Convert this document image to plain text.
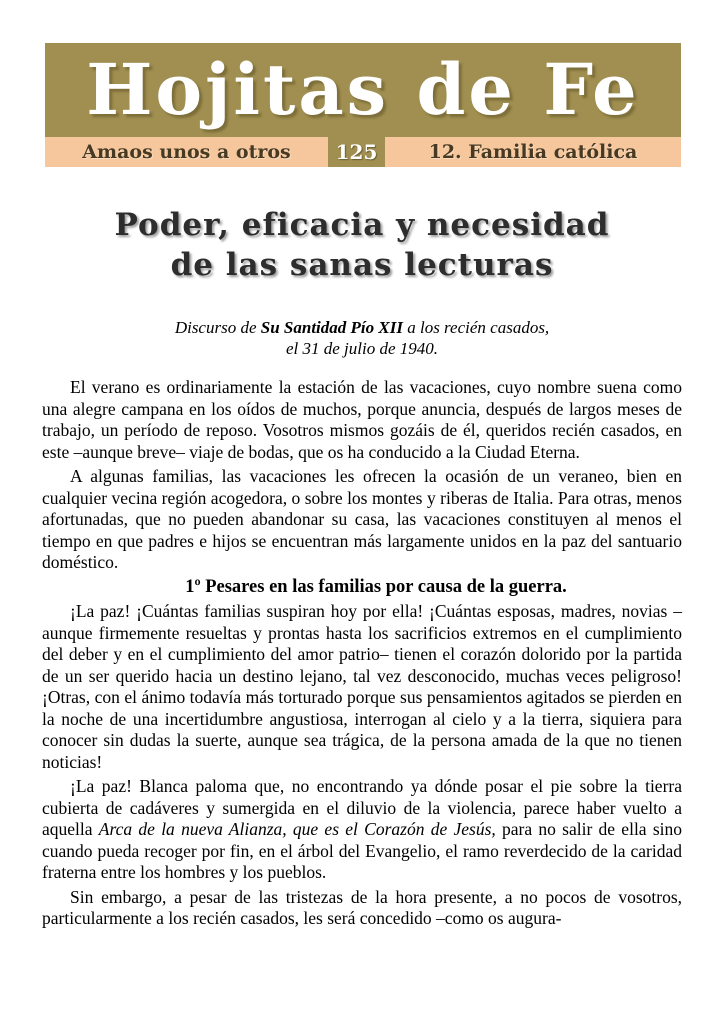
Hojitas de Fe
Amaos unos a otros	125	12. Familia católica
Poder, eficacia y necesidad
de las sanas lecturas
Discurso de Su Santidad Pío XII a los recién casados,
el 31 de julio de 1940.

El verano es ordinariamente la estación de las vacaciones, cuyo nombre suena como una alegre campana en los oídos de muchos, porque anuncia, después de largos meses de trabajo, un período de reposo. Vosotros mismos gozáis de él, queridos recién casados, en este –aunque breve– viaje de bodas, que os ha conducido a la Ciudad Eterna.

A algunas familias, las vacaciones les ofrecen la ocasión de un veraneo, bien en cualquier vecina región acogedora, o sobre los montes y riberas de Italia. Para otras, menos afortunadas, que no pueden abandonar su casa, las vacaciones constituyen al menos el tiempo en que padres e hijos se encuentran más largamente unidos en la paz del santuario doméstico.

1º Pesares en las familias por causa de la guerra.

¡La paz! ¡Cuántas familias suspiran hoy por ella! ¡Cuántas esposas, madres, novias –aunque firmemente resueltas y prontas hasta los sacrificios extremos en el cumplimiento del deber y en el cumplimiento del amor patrio– tienen el corazón dolorido por la partida de un ser querido hacia un destino lejano, tal vez desconocido, muchas veces peligroso! ¡Otras, con el ánimo todavía más torturado porque sus pensamientos agitados se pierden en la noche de una incertidumbre angustiosa, interrogan al cielo y a la tierra, siquiera para conocer sin dudas la suerte, aunque sea trágica, de la persona amada de la que no tienen noticias!

¡La paz! Blanca paloma que, no encontrando ya dónde posar el pie sobre la tierra cubierta de cadáveres y sumergida en el diluvio de la violencia, parece haber vuelto a aquella Arca de la nueva Alianza, que es el Corazón de Jesús, para no salir de ella sino cuando pueda recoger por fin, en el árbol del Evangelio, el ramo reverdecido de la caridad fraterna entre los hombres y los pueblos.

Sin embargo, a pesar de las tristezas de la hora presente, a no pocos de vosotros, particularmente a los recién casados, les será concedido –como os augura-
